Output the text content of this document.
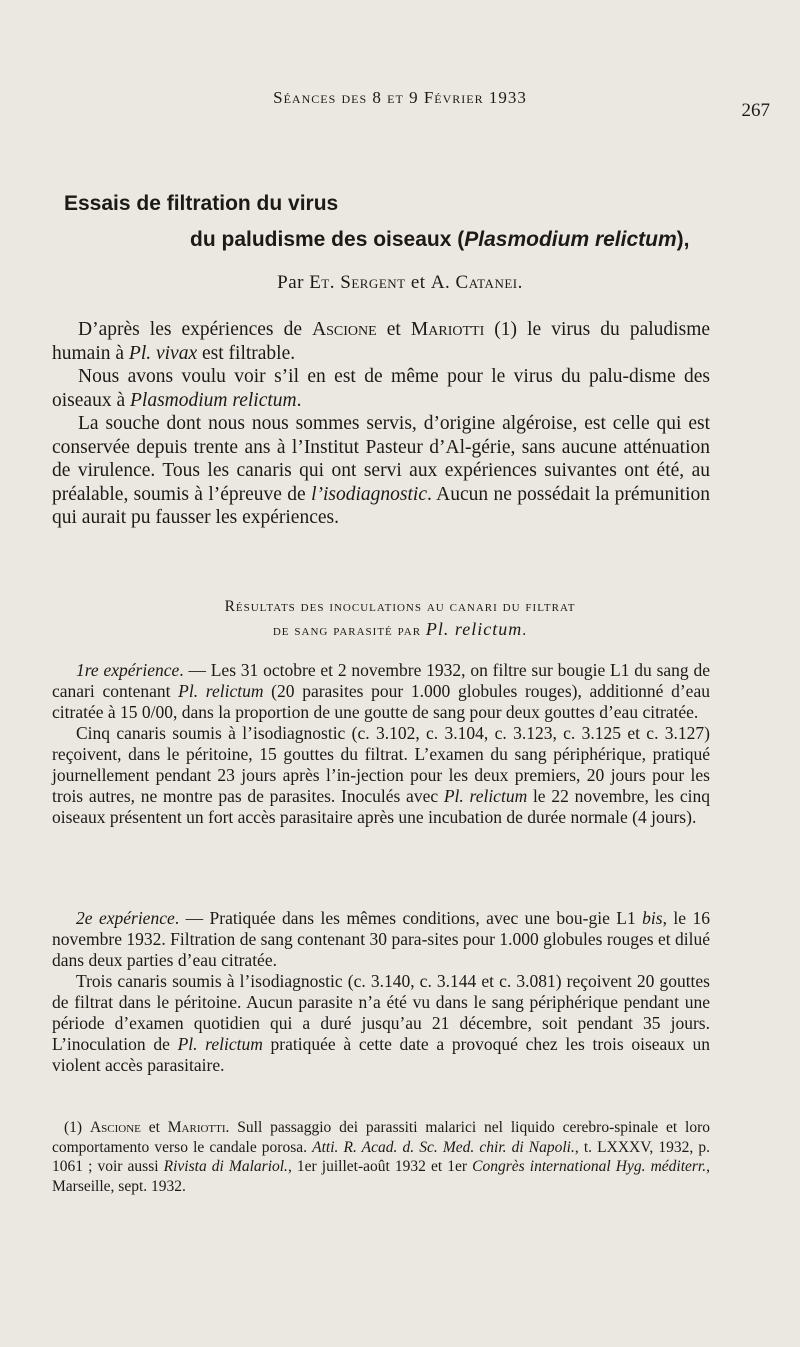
Séances des 8 et 9 Février 1933
267
Essais de filtration du virus
du paludisme des oiseaux (Plasmodium relictum),
Par Et. Sergent et A. Catanei.

D’après les expériences de Ascione et Mariotti (1) le virus du paludisme humain à Pl. vivax est filtrable.

Nous avons voulu voir s’il en est de même pour le virus du palu-disme des oiseaux à Plasmodium relictum.

La souche dont nous nous sommes servis, d’origine algéroise, est celle qui est conservée depuis trente ans à l’Institut Pasteur d’Al-gérie, sans aucune atténuation de virulence. Tous les canaris qui ont servi aux expériences suivantes ont été, au préalable, soumis à l’épreuve de l’isodiagnostic. Aucun ne possédait la prémunition qui aurait pu fausser les expériences.

Résultats des inoculations au canari du filtrat
de sang parasité par Pl. relictum.

1re expérience. — Les 31 octobre et 2 novembre 1932, on filtre sur bougie L1 du sang de canari contenant Pl. relictum (20 parasites pour 1.000 globules rouges), additionné d’eau citratée à 15 0/00, dans la proportion de une goutte de sang pour deux gouttes d’eau citratée.

Cinq canaris soumis à l’isodiagnostic (c. 3.102, c. 3.104, c. 3.123, c. 3.125 et c. 3.127) reçoivent, dans le péritoine, 15 gouttes du filtrat. L’examen du sang périphérique, pratiqué journellement pendant 23 jours après l’in-jection pour les deux premiers, 20 jours pour les trois autres, ne montre pas de parasites. Inoculés avec Pl. relictum le 22 novembre, les cinq oiseaux présentent un fort accès parasitaire après une incubation de durée normale (4 jours).

2e expérience. — Pratiquée dans les mêmes conditions, avec une bou-gie L1 bis, le 16 novembre 1932. Filtration de sang contenant 30 para-sites pour 1.000 globules rouges et dilué dans deux parties d’eau citratée.

Trois canaris soumis à l’isodiagnostic (c. 3.140, c. 3.144 et c. 3.081) reçoivent 20 gouttes de filtrat dans le péritoine. Aucun parasite n’a été vu dans le sang périphérique pendant une période d’examen quotidien qui a duré jusqu’au 21 décembre, soit pendant 35 jours. L’inoculation de Pl. relictum pratiquée à cette date a provoqué chez les trois oiseaux un violent accès parasitaire.

(1) Ascione et Mariotti. Sull passaggio dei parassiti malarici nel liquido cerebro-spinale et loro comportamento verso le candale porosa. Atti. R. Acad. d. Sc. Med. chir. di Napoli., t. LXXXV, 1932, p. 1061 ; voir aussi Rivista di Malariol., 1er juillet-août 1932 et 1er Congrès international Hyg. méditerr., Marseille, sept. 1932.
